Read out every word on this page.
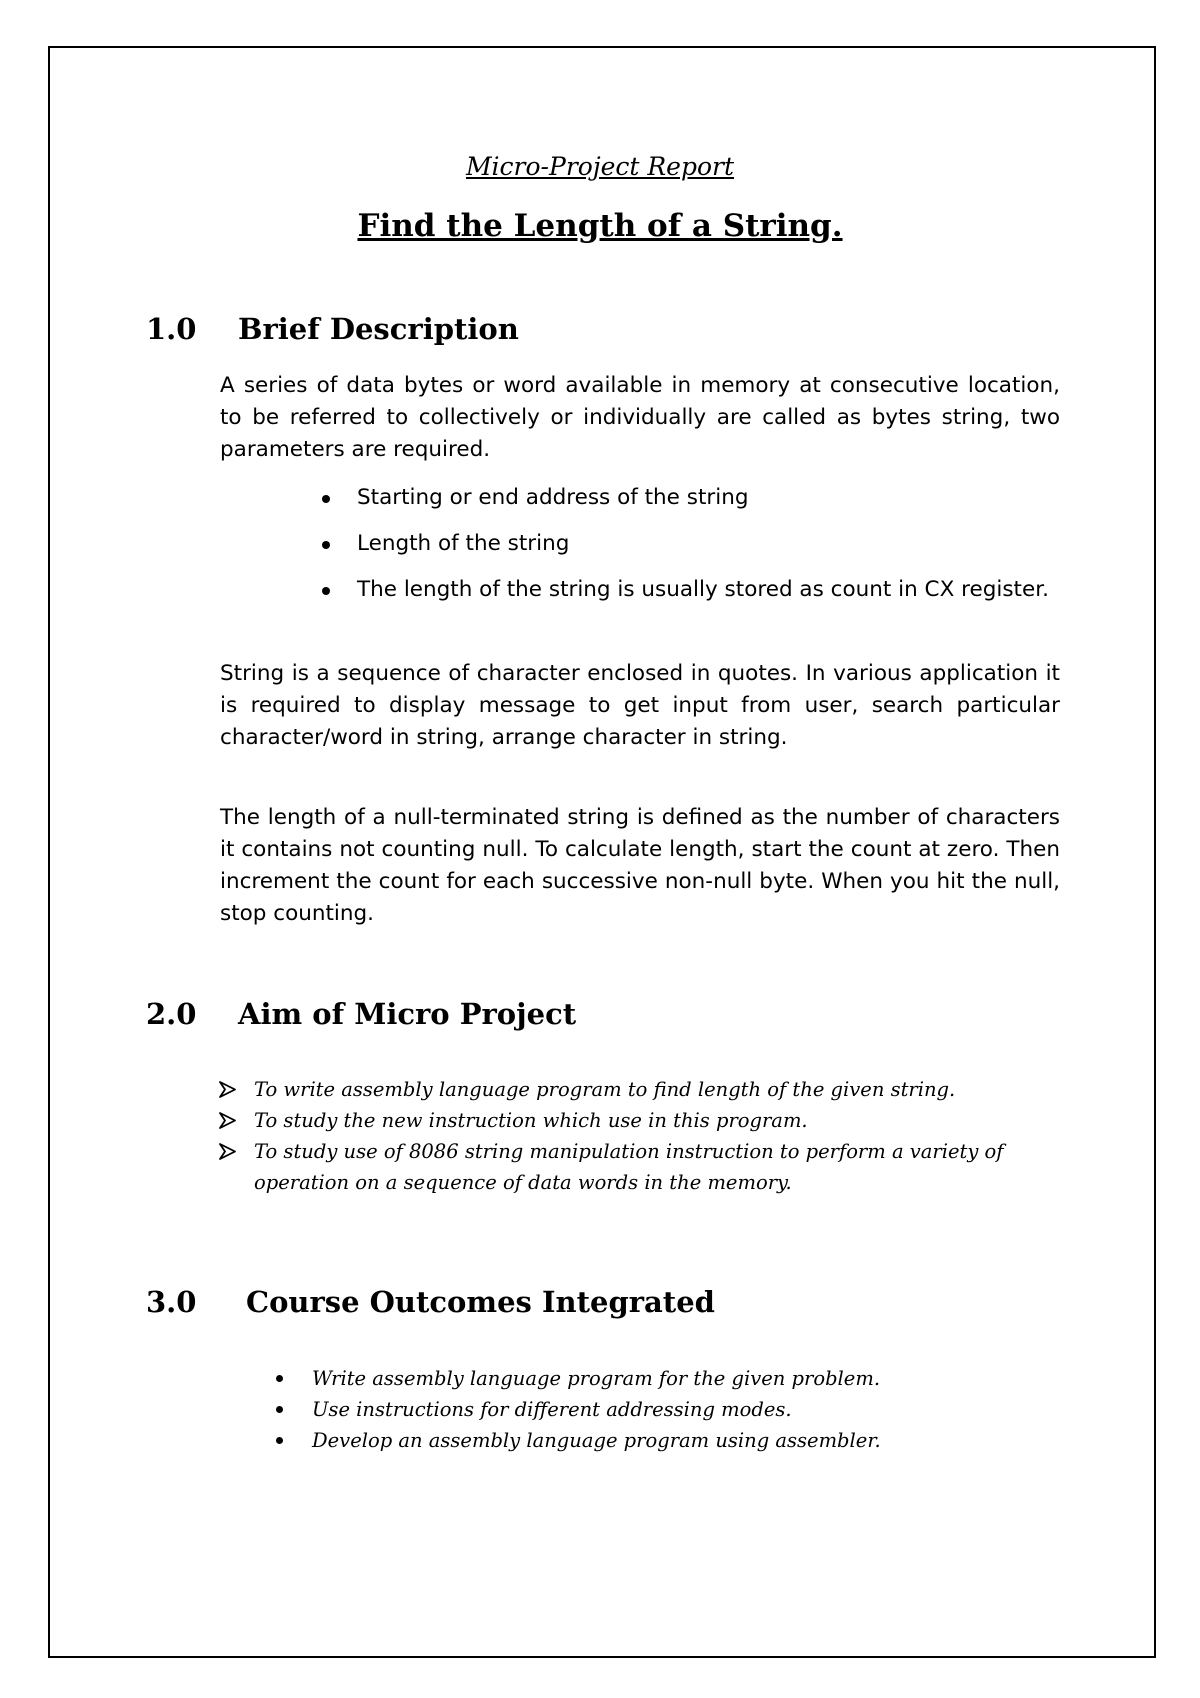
Micro-Project Report
Find the Length of a String.
1.0 Brief Description
A series of data bytes or word available in memory at consecutive location, to be referred to collectively or individually are called as bytes string, two parameters are required.
Starting or end address of the string
Length of the string
The length of the string is usually stored as count in CX register.
String is a sequence of character enclosed in quotes. In various application it is required to display message to get input from user, search particular character/word in string, arrange character in string.
The length of a null-terminated string is defined as the number of characters it contains not counting null. To calculate length, start the count at zero. Then increment the count for each successive non-null byte. When you hit the null, stop counting.
2.0 Aim of Micro Project
To write assembly language program to find length of the given string.
To study the new instruction which use in this program.
To study use of 8086 string manipulation instruction to perform a variety of operation on a sequence of data words in the memory.
3.0 Course Outcomes Integrated
Write assembly language program for the given problem.
Use instructions for different addressing modes.
Develop an assembly language program using assembler.
